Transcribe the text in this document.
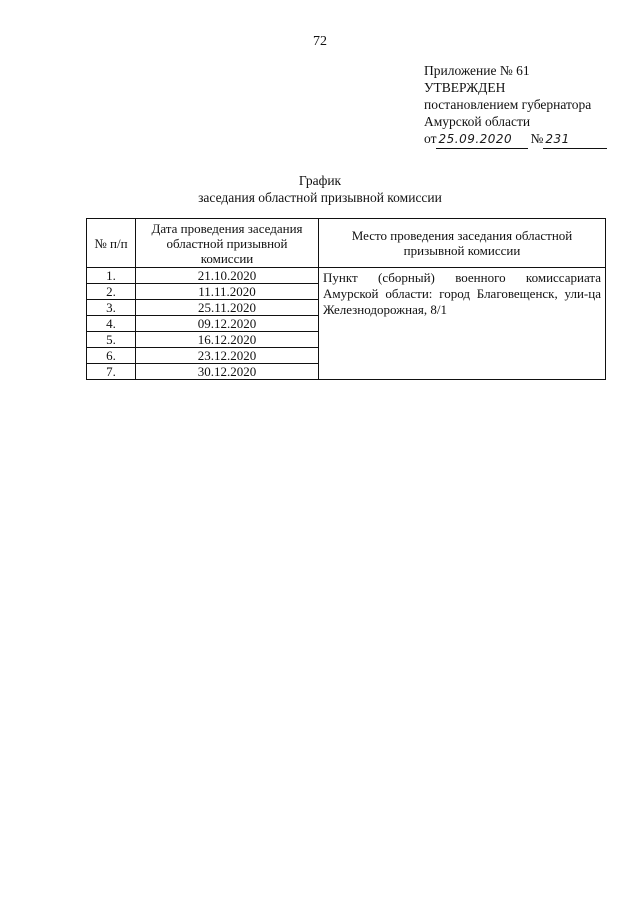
72
Приложение № 61
УТВЕРЖДЕН
постановлением губернатора
Амурской области
от 25.09.2020	№ 231
График
заседания областной призывной комиссии
№ п/п	Дата проведения заседания областной призывной комиссии	Место проведения заседания областной призывной комиссии
1.	21.10.2020	Пункт (сборный) военного комиссариата Амурской области: город Благовещенск, ули-ца Железнодорожная, 8/1
2.	11.11.2020	
3.	25.11.2020	
4.	09.12.2020	
5.	16.12.2020	
6.	23.12.2020	
7.	30.12.2020	
